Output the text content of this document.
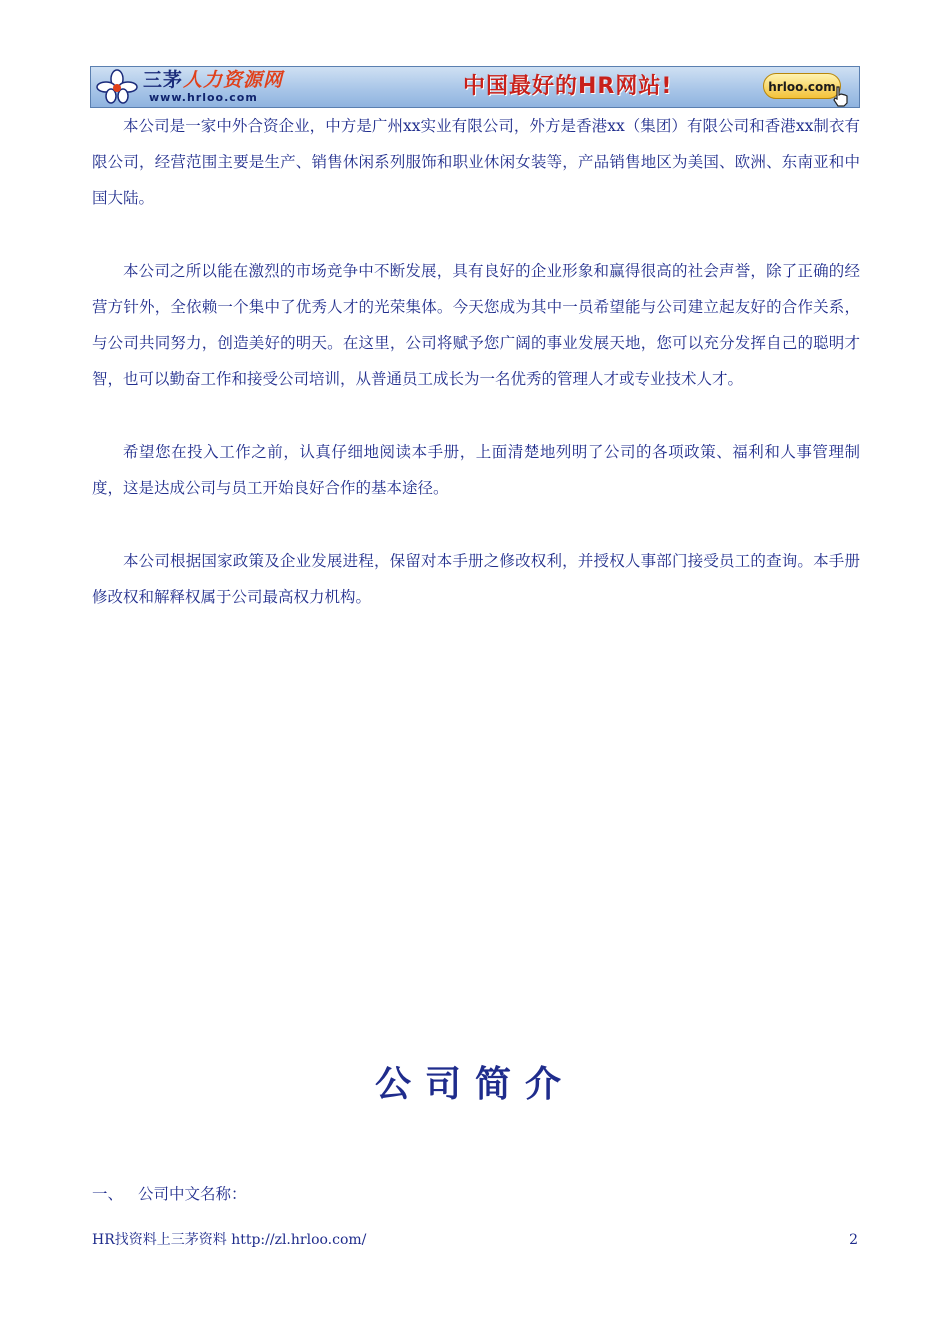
三茅人力资源网
www.hrloo.com	中国最好的HR网站!	hrloo.com

本公司是一家中外合资企业，中方是广州xx实业有限公司，外方是香港xx（集团）有限公司和香港xx制衣有限公司，经营范围主要是生产、销售休闲系列服饰和职业休闲女装等，产品销售地区为美国、欧洲、东南亚和中国大陆。

本公司之所以能在激烈的市场竞争中不断发展，具有良好的企业形象和赢得很高的社会声誉，除了正确的经营方针外，全依赖一个集中了优秀人才的光荣集体。今天您成为其中一员希望能与公司建立起友好的合作关系，与公司共同努力，创造美好的明天。在这里，公司将赋予您广阔的事业发展天地，您可以充分发挥自己的聪明才智，也可以勤奋工作和接受公司培训，从普通员工成长为一名优秀的管理人才或专业技术人才。

希望您在投入工作之前，认真仔细地阅读本手册，上面清楚地列明了公司的各项政策、福利和人事管理制度，这是达成公司与员工开始良好合作的基本途径。

本公司根据国家政策及企业发展进程，保留对本手册之修改权利，并授权人事部门接受员工的查询。本手册修改权和解释权属于公司最高权力机构。

公司简介
一、 公司中文名称：
HR找资料上三茅资料 http://zl.hrloo.com/	2
